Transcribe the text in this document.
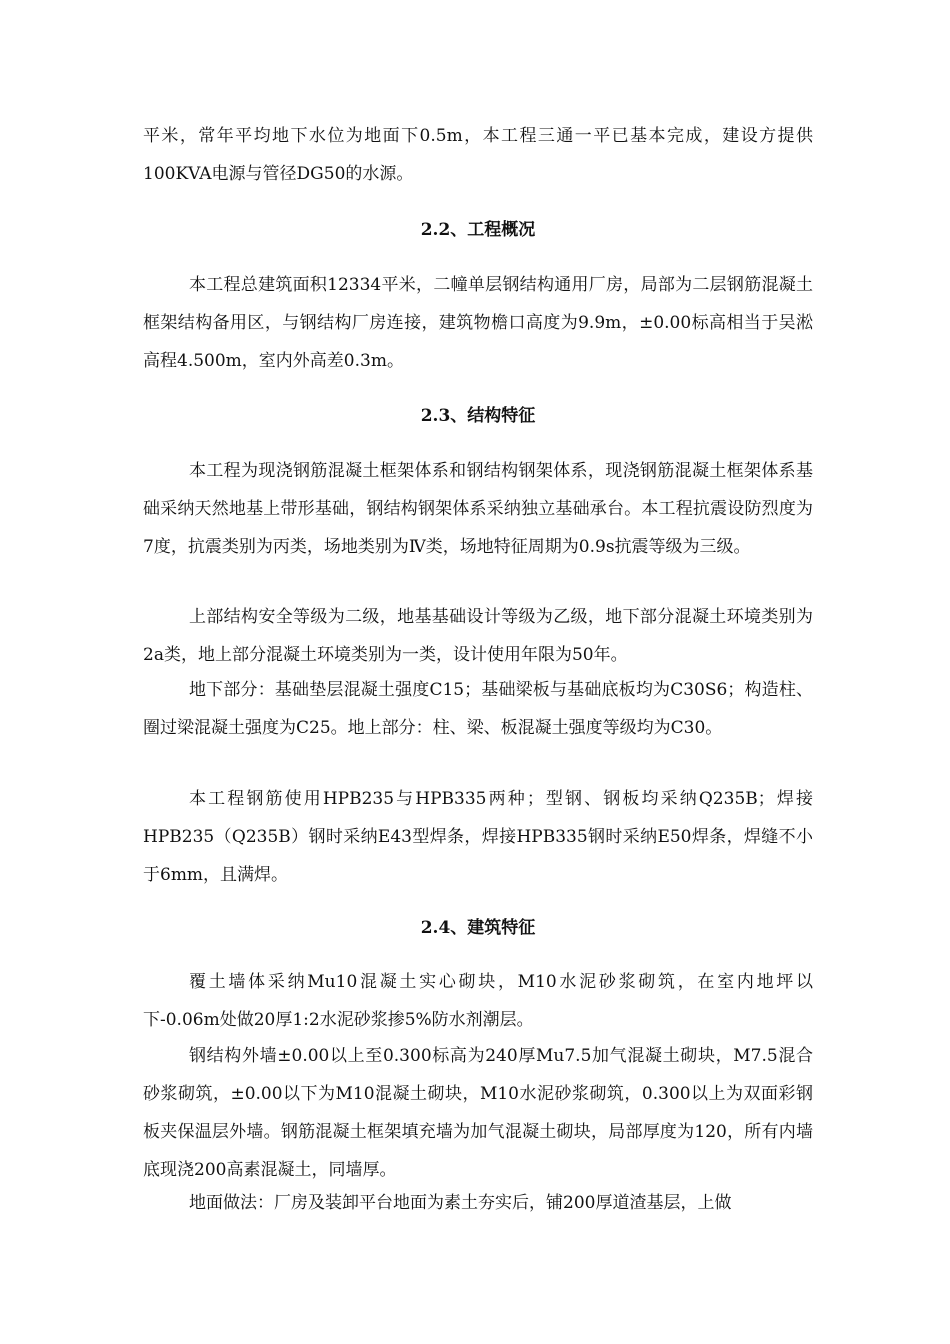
平米，常年平均地下水位为地面下0.5m，本工程三通一平已基本完成，建设方提供100KVA电源与管径DG50的水源。

2.2、工程概况

本工程总建筑面积12334平米，二幢单层钢结构通用厂房，局部为二层钢筋混凝土框架结构备用区，与钢结构厂房连接，建筑物檐口高度为9.9m，±0.00标高相当于吴淞高程4.500m，室内外高差0.3m。

2.3、结构特征

本工程为现浇钢筋混凝土框架体系和钢结构钢架体系，现浇钢筋混凝土框架体系基础采纳天然地基上带形基础，钢结构钢架体系采纳独立基础承台。本工程抗震设防烈度为7度，抗震类别为丙类，场地类别为Ⅳ类，场地特征周期为0.9s抗震等级为三级。

上部结构安全等级为二级，地基基础设计等级为乙级，地下部分混凝土环境类别为2a类，地上部分混凝土环境类别为一类，设计使用年限为50年。

地下部分：基础垫层混凝土强度C15；基础梁板与基础底板均为C30S6；构造柱、圈过梁混凝土强度为C25。地上部分：柱、梁、板混凝土强度等级均为C30。

本工程钢筋使用HPB235与HPB335两种；型钢、钢板均采纳Q235B；焊接HPB235（Q235B）钢时采纳E43型焊条，焊接HPB335钢时采纳E50焊条，焊缝不小于6mm，且满焊。

2.4、建筑特征

覆土墙体采纳Mu10混凝土实心砌块，M10水泥砂浆砌筑，在室内地坪以下-0.06m处做20厚1:2水泥砂浆掺5%防水剂潮层。

钢结构外墙±0.00以上至0.300标高为240厚Mu7.5加气混凝土砌块，M7.5混合砂浆砌筑，±0.00以下为M10混凝土砌块，M10水泥砂浆砌筑，0.300以上为双面彩钢板夹保温层外墙。钢筋混凝土框架填充墙为加气混凝土砌块，局部厚度为120，所有内墙底现浇200高素混凝土，同墙厚。

地面做法：厂房及装卸平台地面为素土夯实后，铺200厚道渣基层，上做
